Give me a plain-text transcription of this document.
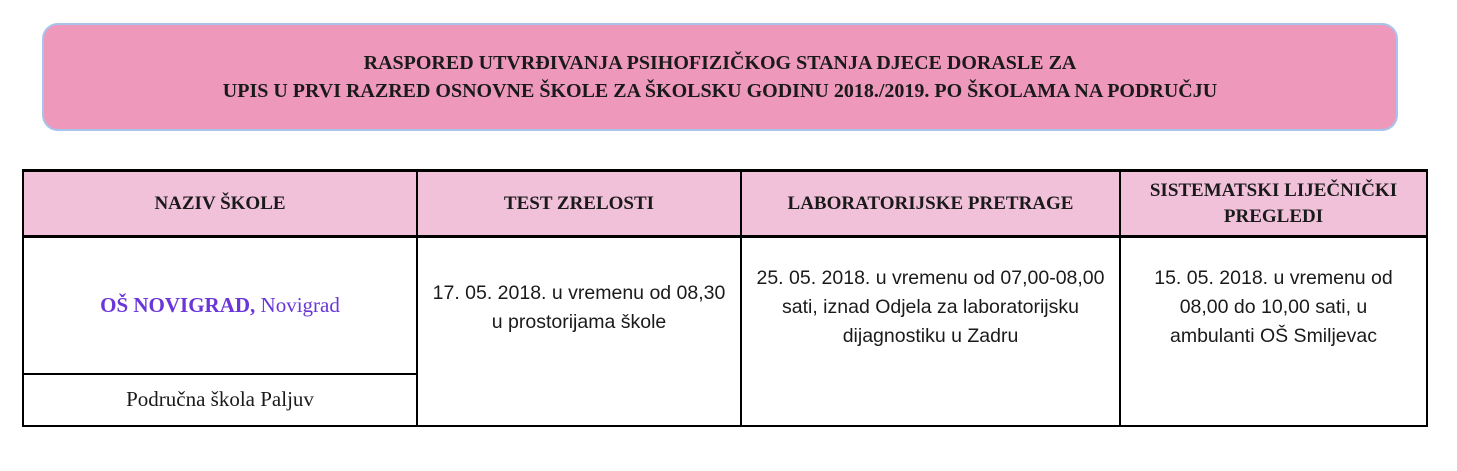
RASPORED UTVRĐIVANJA PSIHOFIZIČKOG STANJA DJECE DORASLE ZA
UPIS U PRVI RAZRED OSNOVNE ŠKOLE ZA ŠKOLSKU GODINU 2018./2019. PO ŠKOLAMA NA PODRUČJU
NAZIV ŠKOLE	TEST ZRELOSTI	LABORATORIJSKE PRETRAGE	SISTEMATSKI LIJEČNIČKI PREGLEDI
OŠ NOVIGRAD, Novigrad	17. 05. 2018. u vremenu od 08,30 u prostorijama škole	25. 05. 2018. u vremenu od 07,00-08,00 sati, iznad Odjela za laboratorijsku dijagnostiku u Zadru	15. 05. 2018. u vremenu od 08,00 do 10,00 sati, u ambulanti OŠ Smiljevac

Područna škola Paljuv			
